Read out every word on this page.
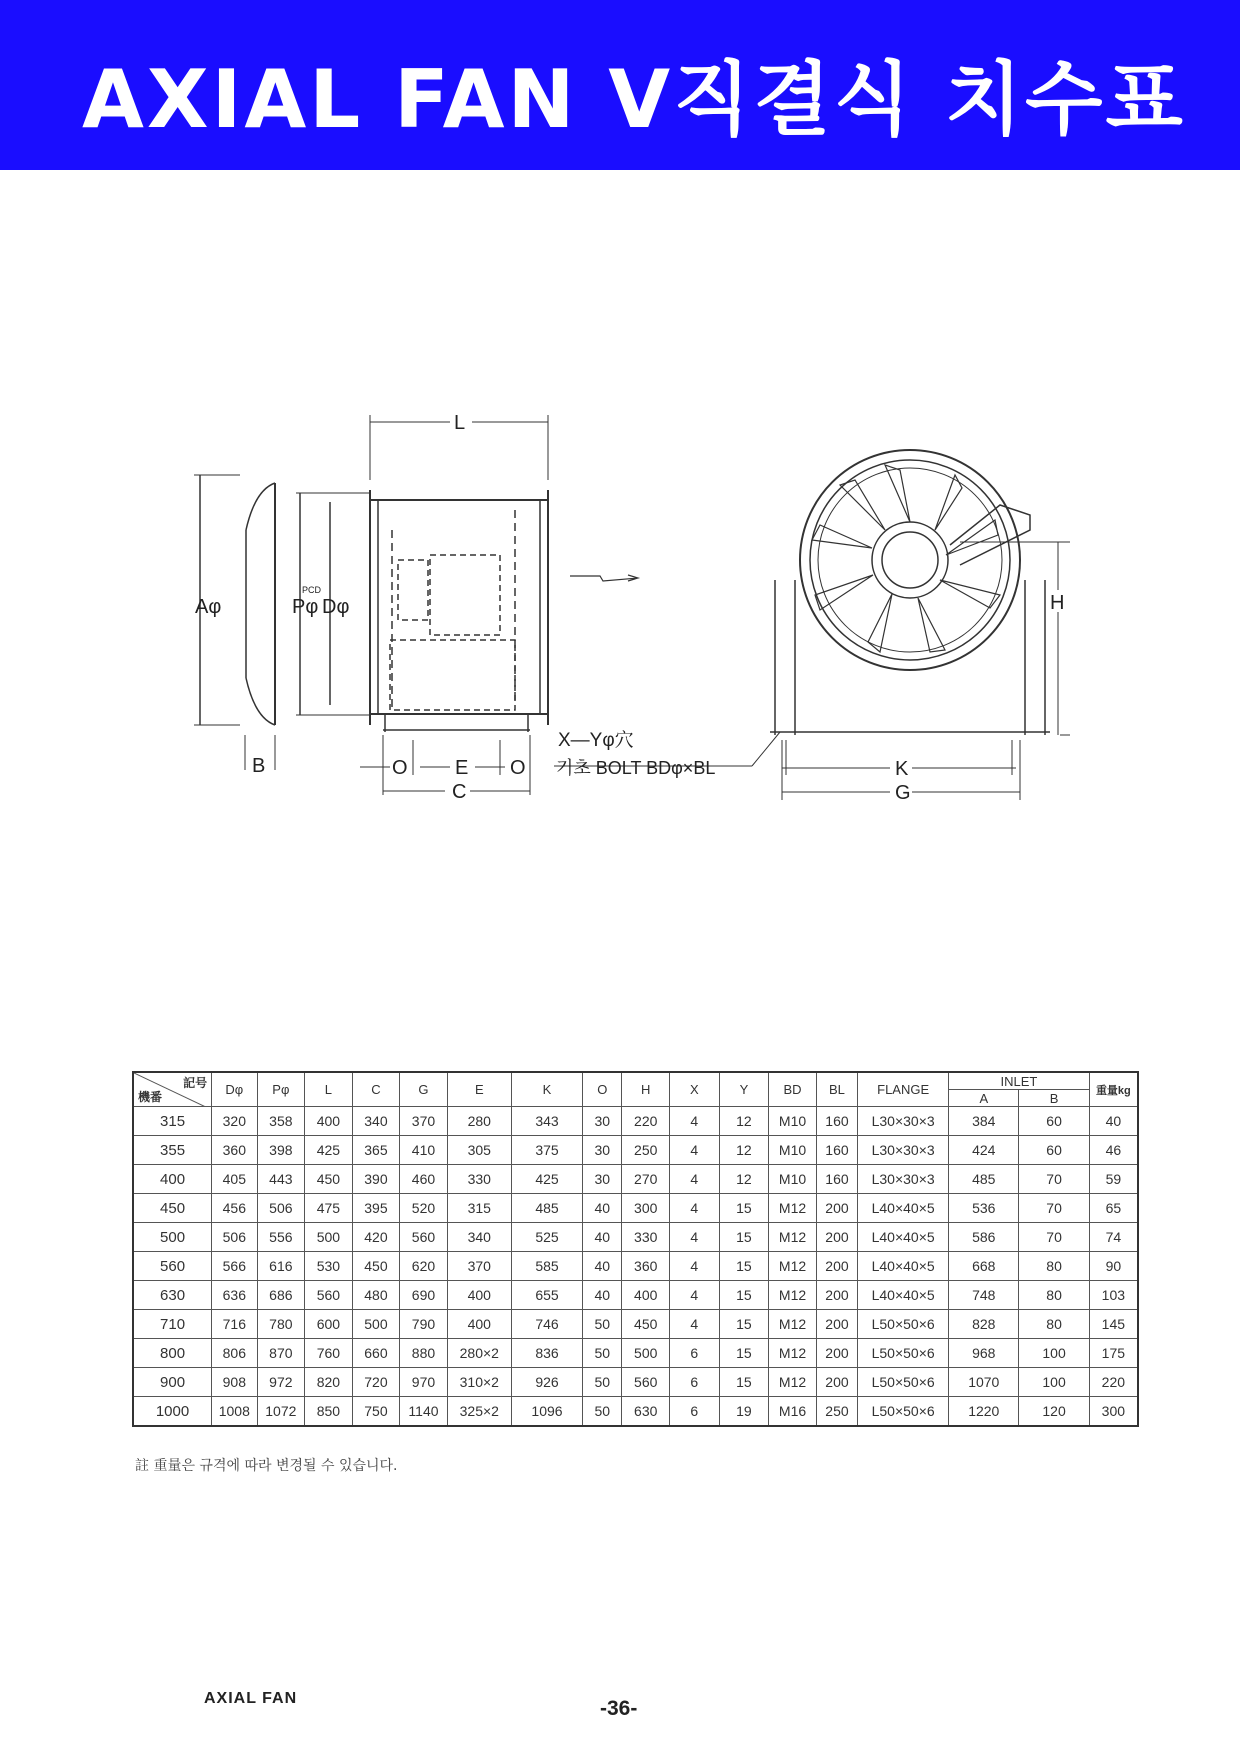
AXIAL FAN V직결식 치수표
L
Aφ
PCD
Pφ Dφ
B	O E O
C
H
K
G
X―Yφ穴
기초 BOLT BDφ×BL
記号
機番	Dφ	Pφ	L	C	G	E	K	O	H	X	Y	BD	BL	FLANGE	INLET		重量kg
															A	B	
315	320	358	400	340	370	280	343	30	220	4	12	M10	160	L30×30×3	384	60	40
355	360	398	425	365	410	305	375	30	250	4	12	M10	160	L30×30×3	424	60	46
400	405	443	450	390	460	330	425	30	270	4	12	M10	160	L30×30×3	485	70	59
450	456	506	475	395	520	315	485	40	300	4	15	M12	200	L40×40×5	536	70	65
500	506	556	500	420	560	340	525	40	330	4	15	M12	200	L40×40×5	586	70	74
560	566	616	530	450	620	370	585	40	360	4	15	M12	200	L40×40×5	668	80	90
630	636	686	560	480	690	400	655	40	400	4	15	M12	200	L40×40×5	748	80	103
710	716	780	600	500	790	400	746	50	450	4	15	M12	200	L50×50×6	828	80	145
800	806	870	760	660	880	280×2	836	50	500	6	15	M12	200	L50×50×6	968	100	175
900	908	972	820	720	970	310×2	926	50	560	6	15	M12	200	L50×50×6	1070	100	220
1000	1008	1072	850	750	1140	325×2	1096	50	630	6	19	M16	250	L50×50×6	1220	120	300
註 重量은 규격에 따라 변경될 수 있습니다.
AXIAL FAN	-36-
